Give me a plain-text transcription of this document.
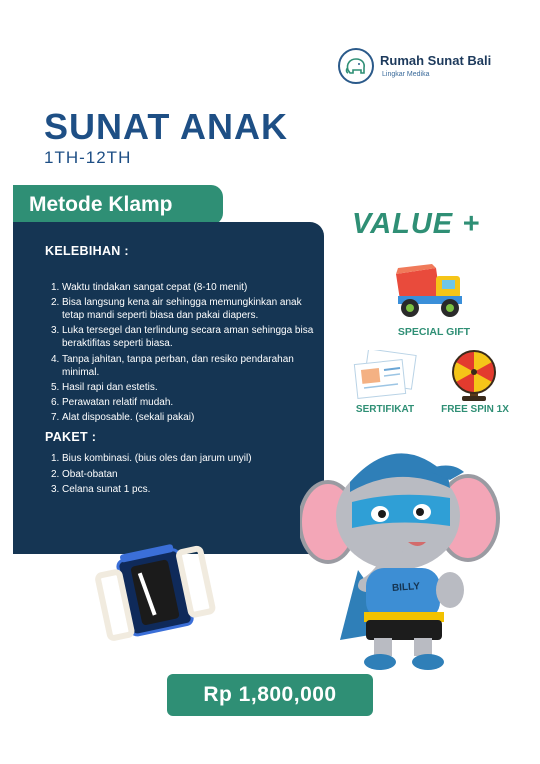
Rumah Sunat Bali
Lingkar Medika
SUNAT ANAK
1TH-12TH
Metode Klamp
KELEBIHAN :
1. Waktu tindakan sangat cepat (8-10 menit)
2. Bisa langsung kena air sehingga memungkinkan anak tetap mandi seperti biasa dan pakai diapers.
3. Luka tersegel dan terlindung secara aman sehingga bisa beraktifitas seperti biasa.
4. Tanpa jahitan, tanpa perban, dan resiko pendarahan minimal.
5. Hasil rapi dan estetis.
6. Perawatan relatif mudah.
7. Alat disposable. (sekali pakai)
PAKET :
1. Bius kombinasi. (bius oles dan jarum unyil)
2. Obat-obatan
3. Celana sunat 1 pcs.
VALUE +
SPECIAL GIFT
SERTIFIKAT	FREE SPIN 1X
BILLY
Rp 1,800,000
